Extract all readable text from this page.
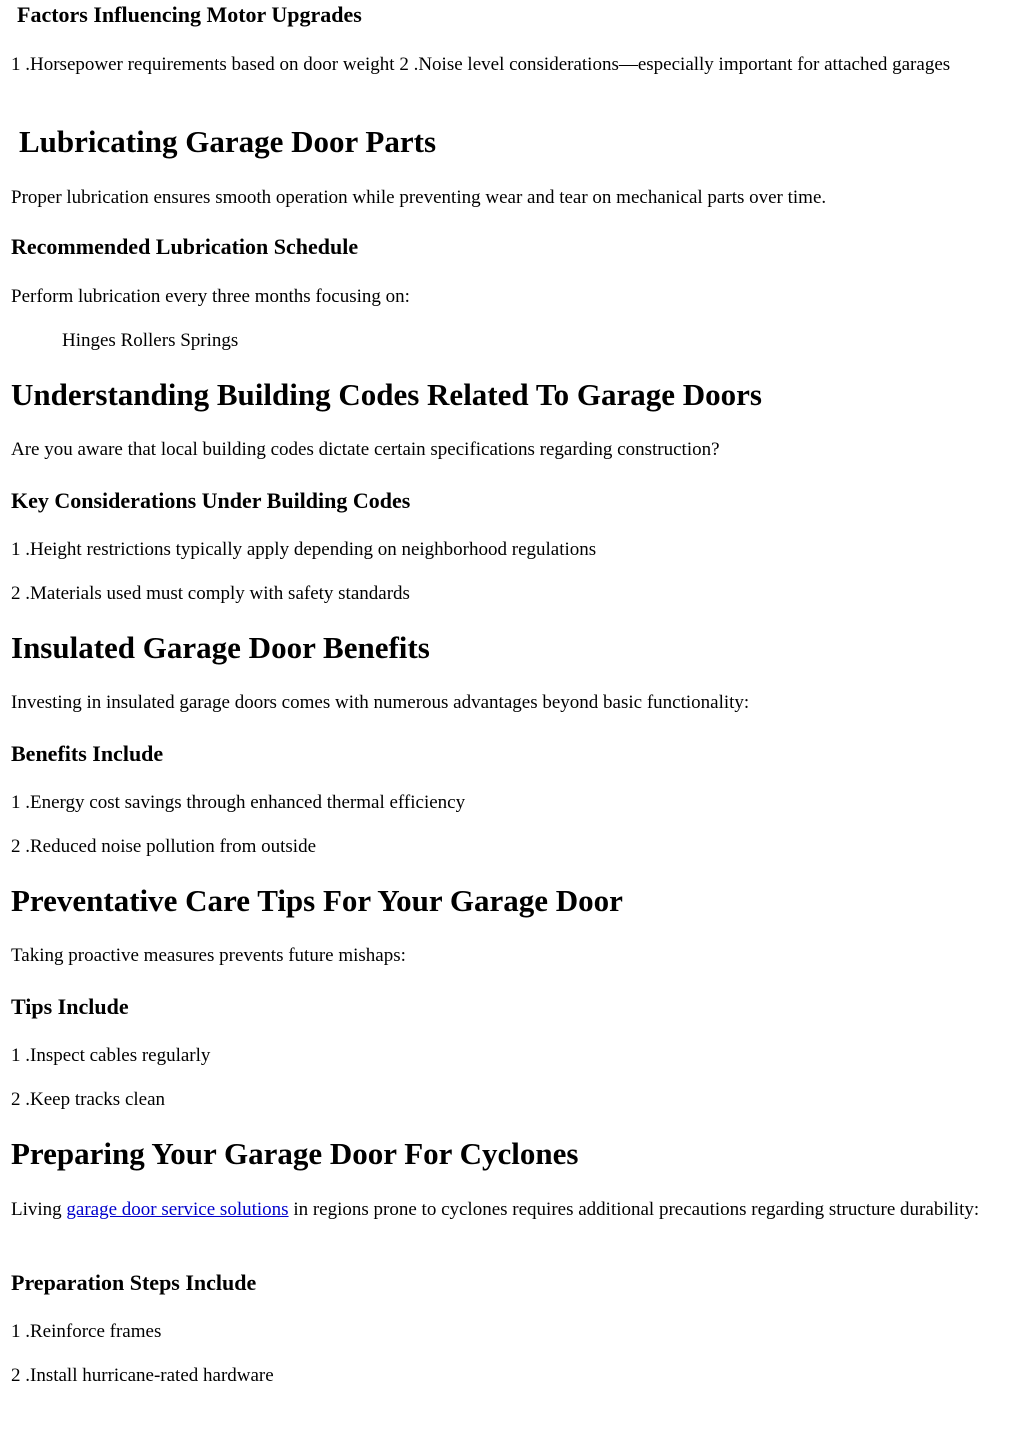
Factors Influencing Motor Upgrades

1 .Horsepower requirements based on door weight 2 .Noise level considerations—especially important for attached garages

Lubricating Garage Door Parts

Proper lubrication ensures smooth operation while preventing wear and tear on mechanical parts over time.

Recommended Lubrication Schedule

Perform lubrication every three months focusing on:

Hinges Rollers Springs

Understanding Building Codes Related To Garage Doors

Are you aware that local building codes dictate certain specifications regarding construction?

Key Considerations Under Building Codes

1 .Height restrictions typically apply depending on neighborhood regulations

2 .Materials used must comply with safety standards

Insulated Garage Door Benefits

Investing in insulated garage doors comes with numerous advantages beyond basic functionality:

Benefits Include

1 .Energy cost savings through enhanced thermal efficiency

2 .Reduced noise pollution from outside

Preventative Care Tips For Your Garage Door

Taking proactive measures prevents future mishaps:

Tips Include

1 .Inspect cables regularly

2 .Keep tracks clean

Preparing Your Garage Door For Cyclones

Living garage door service solutions in regions prone to cyclones requires additional precautions regarding structure durability:

Preparation Steps Include

1 .Reinforce frames

2 .Install hurricane-rated hardware
